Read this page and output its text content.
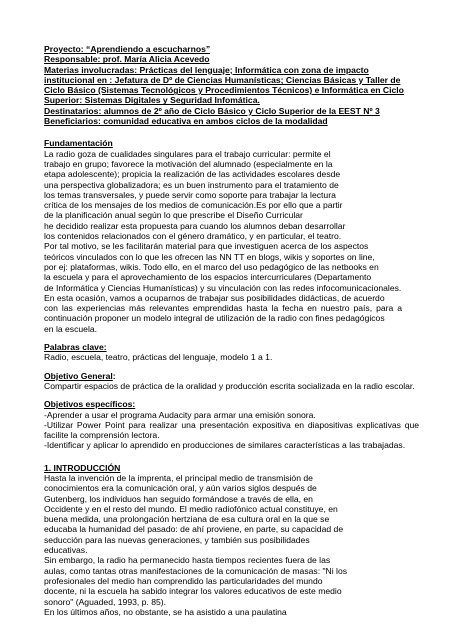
Proyecto: “Aprendiendo a escucharnos”
Responsable: prof. María Alicia Acevedo
Materias involucradas: Prácticas del lenguaje; Informática con zona de impacto
institucional en : Jefatura de Dº de Ciencias Humanísticas; Ciencias Básicas y Taller de
Ciclo Básico (Sistemas Tecnológicos y Procedimientos Técnicos) e Informática en Ciclo
Superior: Sistemas Digitales y Seguridad Infomática.
Destinatarios: alumnos de 2º año de Ciclo Básico y Ciclo Superior de la EEST Nº 3
Beneficiarios: comunidad educativa en ambos ciclos de la modalidad
Fundamentación
La radio goza de cualidades singulares para el trabajo curricular: permite el
trabajo en grupo; favorece la motivación del alumnado (especialmente en la
etapa adolescente); propicia la realización de las actividades escolares desde
una perspectiva globalizadora; es un buen instrumento para el tratamiento de
los temas transversales, y puede servir como soporte para trabajar la lectura
crítica de los mensajes de los medios de comunicación.Es por ello que a partir
de la planificación anual según lo que prescribe el Diseño Curricular
he decidido realizar esta propuesta para cuando los alumnos deban desarrollar
los contenidos relacionados con el género dramático, y en particular, el teatro.
Por tal motivo, se les facilitarán material para que investiguen acerca de los aspectos
teóricos vinculados con lo que les ofrecen las NN TT en blogs, wikis y soportes on line,
por ej: plataformas, wikis. Todo ello, en el marco del uso pedagógico de las netbooks en
la escuela y para el aprovechamiento de los espacios intercurriculares (Departamento
de Informática y Ciencias Humanísticas) y su vinculación con las redes infocomunicacionales.
En esta ocasión, vamos a ocuparnos de trabajar sus posibilidades didácticas, de acuerdo
con las experiencias más relevantes emprendidas hasta la fecha en nuestro país, para a
continuación proponer un modelo integral de utilización de la radio con fines pedagógicos
en la escuela.
Palabras clave:
Radio, escuela, teatro, prácticas del lenguaje, modelo 1 a 1.
Objetivo General:
Compartir espacios de práctica de la oralidad y producción escrita socializada en la radio escolar.
Objetivos específicos:
-Aprender a usar el programa Audacity para armar una emisión sonora.
-Utilizar Power Point para realizar una presentación expositiva en diapositivas explicativas que
facilite la comprensión lectora.
-Identificar y aplicar lo aprendido en producciones de similares características a las trabajadas.
1. INTRODUCCIÓN
Hasta la invención de la imprenta, el principal medio de transmisión de
conocimientos era la comunicación oral, y aún varios siglos después de
Gutenberg, los individuos han seguido formándose a través de ella, en
Occidente y en el resto del mundo. El medio radiofónico actual constituye, en
buena medida, una prolongación hertziana de esa cultura oral en la que se
educaba la humanidad del pasado: de ahí proviene, en parte, su capacidad de
seducción para las nuevas generaciones, y también sus posibilidades
educativas.
Sin embargo, la radio ha permanecido hasta tiempos recientes fuera de las
aulas, como tantas otras manifestaciones de la comunicación de masas: "Ni los
profesionales del medio han comprendido las particularidades del mundo
docente, ni la escuela ha sabido integrar los valores educativos de este medio
sonoro" (Aguaded, 1993, p. 85).
En los últimos años, no obstante, se ha asistido a una paulatina
